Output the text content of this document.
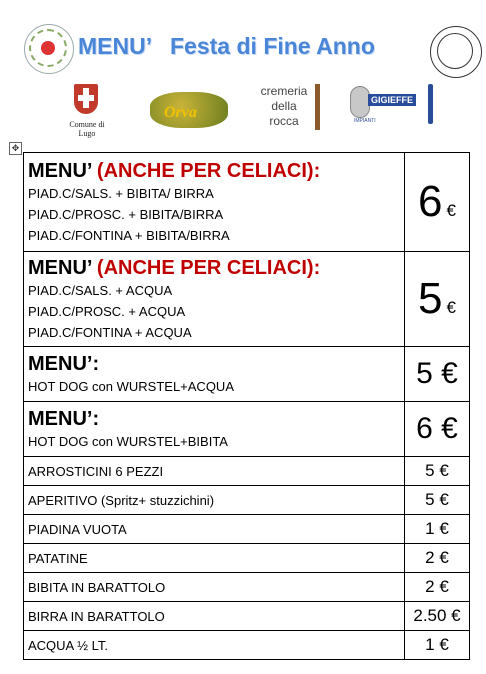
MENU’   Festa di Fine Anno
Comune di Lugo
Orva
cremeria
della
rocca
GIGIEFFE
IMPIANTI
✥
MENU’ (ANCHE PER CELIACI):
PIAD.C/SALS. + BIBITA/ BIRRA
PIAD.C/PROSC. + BIBITA/BIRRA
PIAD.C/FONTINA + BIBITA/BIRRA	6 €

MENU’ (ANCHE PER CELIACI):
PIAD.C/SALS. + ACQUA
PIAD.C/PROSC. + ACQUA
PIAD.C/FONTINA + ACQUA	5 €

MENU’:
HOT DOG con WURSTEL+ACQUA	5 €

MENU’:
HOT DOG con WURSTEL+BIBITA	6 €
ARROSTICINI 6 PEZZI	5 €
APERITIVO (Spritz+ stuzzichini)	5 €
PIADINA VUOTA	1 €
PATATINE	2 €
BIBITA IN BARATTOLO	2 €
BIRRA IN BARATTOLO	2.50 €
ACQUA ½ LT.	1 €
